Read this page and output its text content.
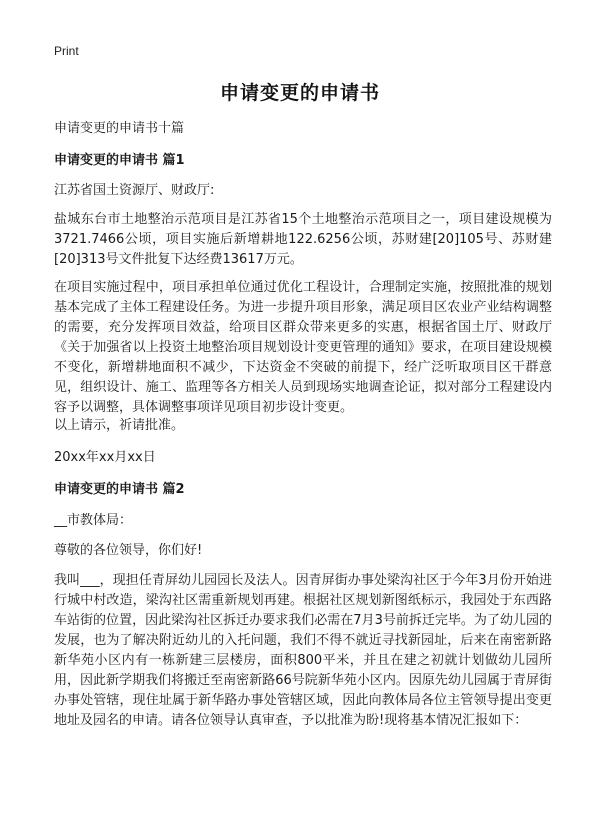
Print
申请变更的申请书
申请变更的申请书十篇
申请变更的申请书 篇1
江苏省国土资源厅、财政厅:
盐城东台市土地整治示范项目是江苏省15个土地整治示范项目之一，项目建设规模为3721.7466公顷，项目实施后新增耕地122.6256公顷，苏财建[20]105号、苏财建[20]313号文件批复下达经费13617万元。
在项目实施过程中，项目承担单位通过优化工程设计，合理制定实施，按照批准的规划基本完成了主体工程建设任务。为进一步提升项目形象，满足项目区农业产业结构调整的需要，充分发挥项目效益，给项目区群众带来更多的实惠，根据省国土厅、财政厅《关于加强省以上投资土地整治项目规划设计变更管理的通知》要求，在项目建设规模不变化，新增耕地面积不减少，下达资金不突破的前提下，经广泛听取项目区干群意见，组织设计、施工、监理等各方相关人员到现场实地调查论证，拟对部分工程建设内容予以调整，具体调整事项详见项目初步设计变更。
以上请示，祈请批准。
20xx年xx月xx日
申请变更的申请书 篇2
__市教体局：
尊敬的各位领导，你们好!
我叫___，现担任青屏幼儿园园长及法人。因青屏街办事处梁沟社区于今年3月份开始进行城中村改造，梁沟社区需重新规划再建。根据社区规划新图纸标示，我园处于东西路车站街的位置，因此梁沟社区拆迁办要求我们必需在7月3号前拆迁完毕。为了幼儿园的发展，也为了解决附近幼儿的入托问题，我们不得不就近寻找新园址，后来在南密新路新华苑小区内有一栋新建三层楼房，面积800平米，并且在建之初就计划做幼儿园所用，因此新学期我们将搬迁至南密新路66号院新华苑小区内。因原先幼儿园属于青屏街办事处管辖，现住址属于新华路办事处管辖区域，因此向教体局各位主管领导提出变更地址及园名的申请。请各位领导认真审查，予以批准为盼!现将基本情况汇报如下：
